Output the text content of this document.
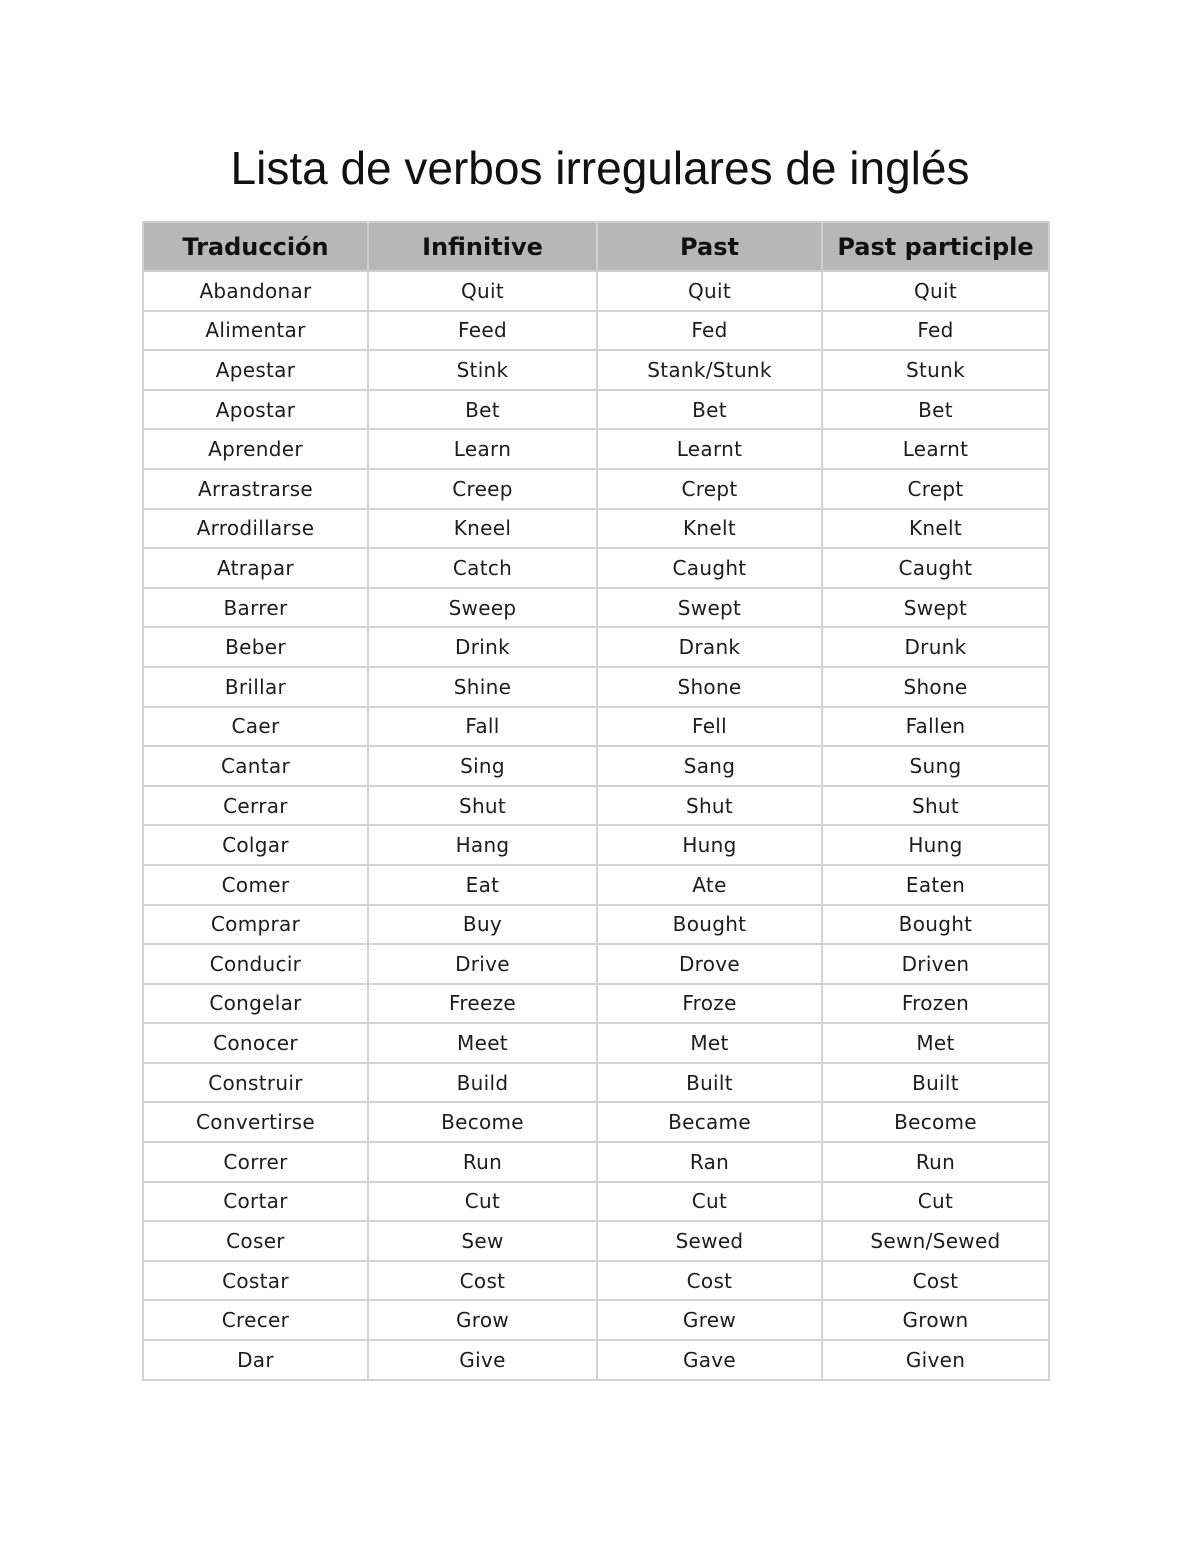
Lista de verbos irregulares de inglés
Traducción	Infinitive	Past	Past participle
Abandonar	Quit	Quit	Quit
Alimentar	Feed	Fed	Fed
Apestar	Stink	Stank/Stunk	Stunk
Apostar	Bet	Bet	Bet
Aprender	Learn	Learnt	Learnt
Arrastrarse	Creep	Crept	Crept
Arrodillarse	Kneel	Knelt	Knelt
Atrapar	Catch	Caught	Caught
Barrer	Sweep	Swept	Swept
Beber	Drink	Drank	Drunk
Brillar	Shine	Shone	Shone
Caer	Fall	Fell	Fallen
Cantar	Sing	Sang	Sung
Cerrar	Shut	Shut	Shut
Colgar	Hang	Hung	Hung
Comer	Eat	Ate	Eaten
Comprar	Buy	Bought	Bought
Conducir	Drive	Drove	Driven
Congelar	Freeze	Froze	Frozen
Conocer	Meet	Met	Met
Construir	Build	Built	Built
Convertirse	Become	Became	Become
Correr	Run	Ran	Run
Cortar	Cut	Cut	Cut
Coser	Sew	Sewed	Sewn/Sewed
Costar	Cost	Cost	Cost
Crecer	Grow	Grew	Grown
Dar	Give	Gave	Given
